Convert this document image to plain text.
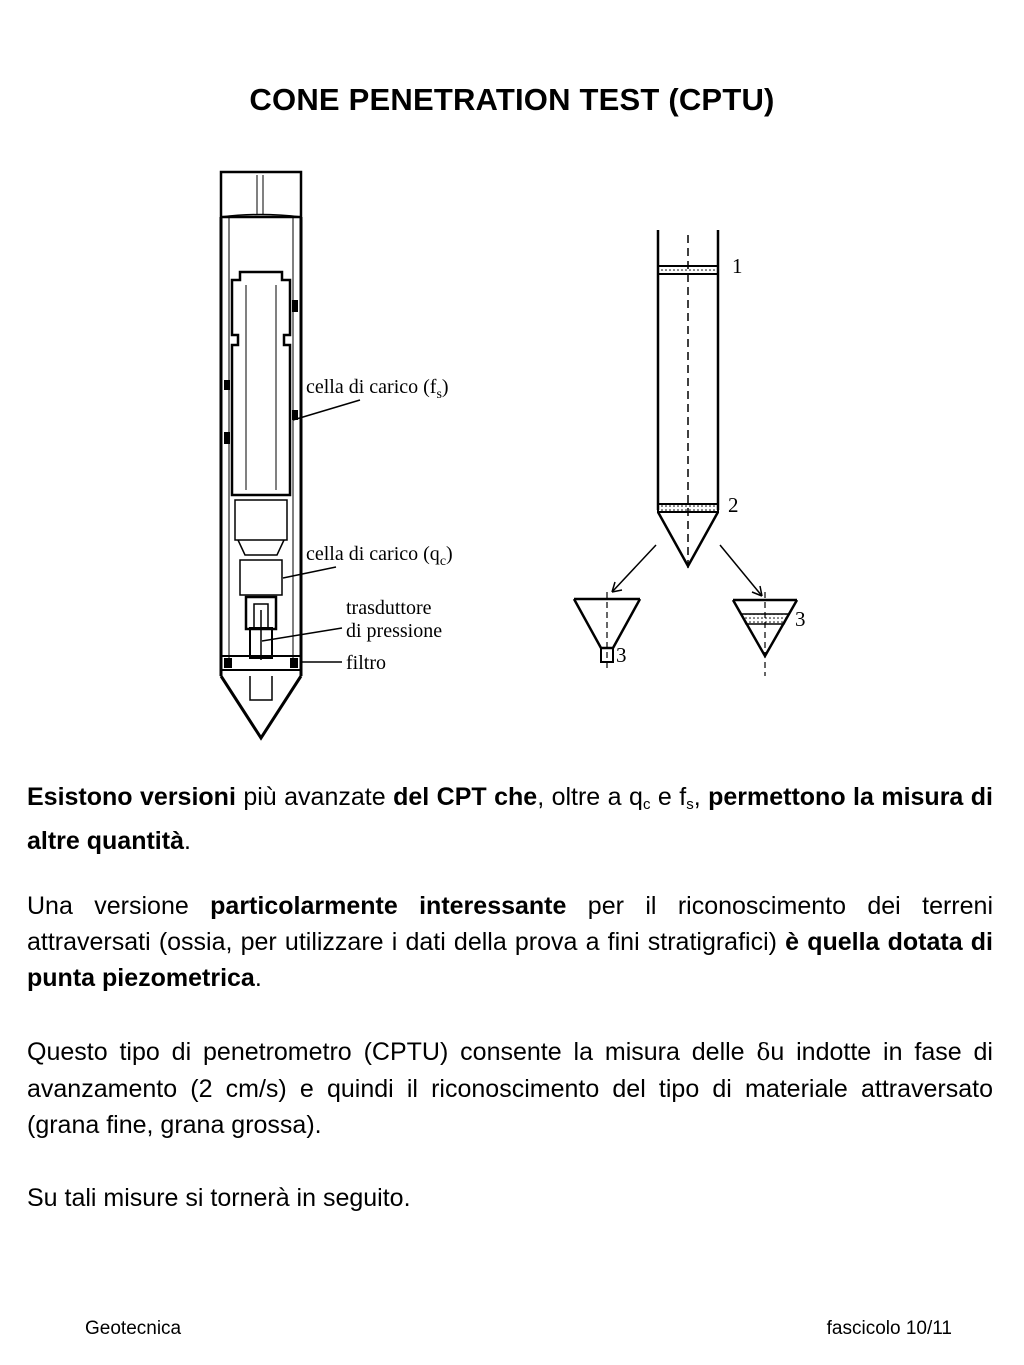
CONE PENETRATION TEST (CPTU)
cella di carico $(f_s)$
cella di carico $(q_c)$
trasduttore
di pressione
filtro
1
2
3
3
Esistono versioni più avanzate del CPT che, oltre a $q_c$ e $f_s$, permettono la misura di altre quantità.
Una versione particolarmente interessante per il riconoscimento dei terreni attraversati (ossia, per utilizzare i dati della prova a fini stratigrafici) è quella dotata di punta piezometrica.
Questo tipo di penetrometro (CPTU) consente la misura delle δu indotte in fase di avanzamento (2 cm/s) e quindi il riconoscimento del tipo di materiale attraversato (grana fine, grana grossa).
Su tali misure si tornerà in seguito.
Geotecnica	fascicolo 10/11
